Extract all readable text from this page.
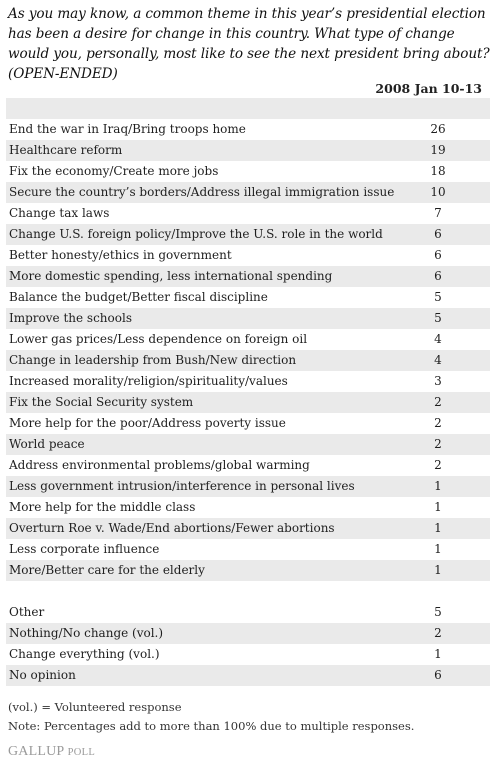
As you may know, a common theme in this year’s presidential election has been a desire for change in this country. What type of change would you, personally, most like to see the next president bring about? (OPEN-ENDED)
2008 Jan 10-13
End the war in Iraq/Bring troops home	26
Healthcare reform	19
Fix the economy/Create more jobs	18
Secure the country’s borders/Address illegal immigration issue	10
Change tax laws	7
Change U.S. foreign policy/Improve the U.S. role in the world	6
Better honesty/ethics in government	6
More domestic spending, less international spending	6
Balance the budget/Better fiscal discipline	5
Improve the schools	5
Lower gas prices/Less dependence on foreign oil	4
Change in leadership from Bush/New direction	4
Increased morality/religion/spirituality/values	3
Fix the Social Security system	2
More help for the poor/Address poverty issue	2
World peace	2
Address environmental problems/global warming	2
Less government intrusion/interference in personal lives	1
More help for the middle class	1
Overturn Roe v. Wade/End abortions/Fewer abortions	1
Less corporate influence	1
More/Better care for the elderly	1
Other	5
Nothing/No change (vol.)	2
Change everything (vol.)	1
No opinion	6
(vol.) = Volunteered response
Note: Percentages add to more than 100% due to multiple responses.
GALLUP POLL
